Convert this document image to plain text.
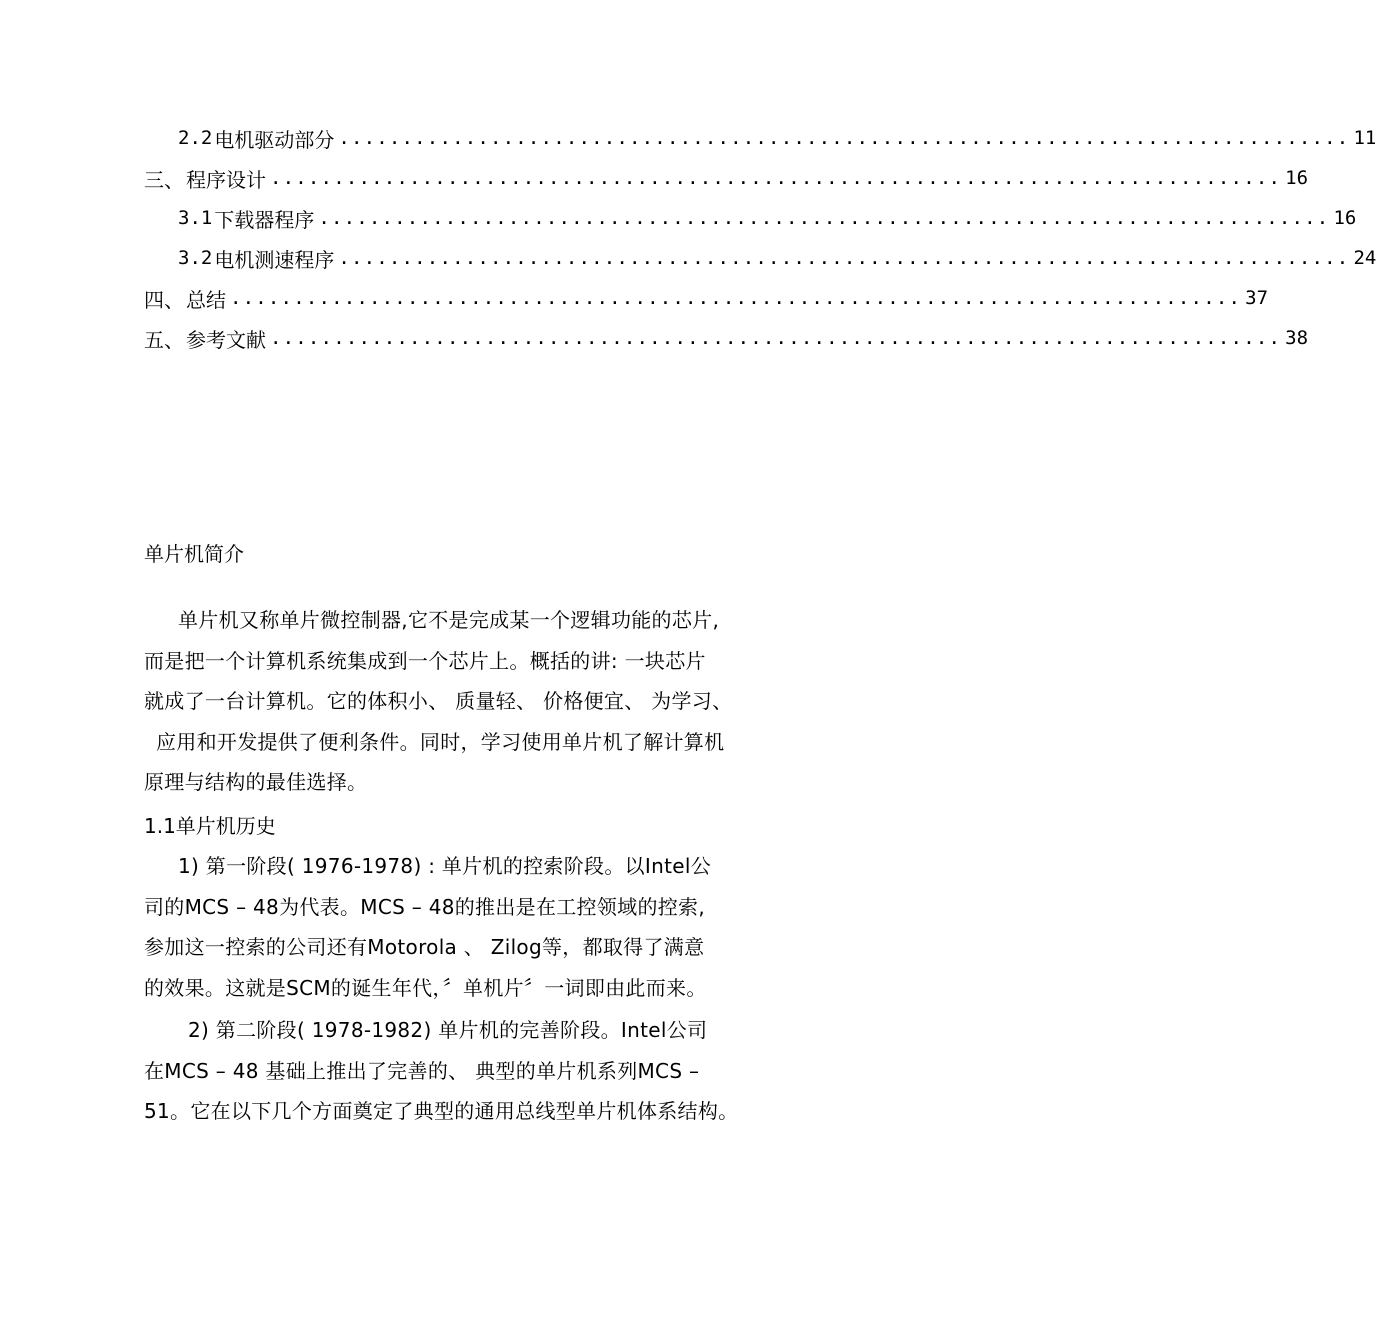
2.2 电机驱动部分 ................................................................................ 11
三、 程序设计 ................................................................................ 16
3.1 下载器程序 ................................................................................ 16
3.2 电机测速程序 ................................................................................ 24
四、 总结 ................................................................................ 37
五、 参考文献 ................................................................................ 38
单片机简介
单片机又称单片微控制器,它不是完成某一个逻辑功能的芯片,
而是把一个计算机系统集成到一个芯片上。概括的讲: 一块芯片
就成了一台计算机。它的体积小、 质量轻、 价格便宜、 为学习、
应用和开发提供了便利条件。同时，学习使用单片机了解计算机
原理与结构的最佳选择。
1.1单片机历史
1) 第一阶段( 1976-1978) : 单片机的控索阶段。以Intel公
司的MCS – 48为代表。MCS – 48的推出是在工控领域的控索,
参加这一控索的公司还有Motorola 、 Zilog等，都取得了满意
的效果。这就是SCM的诞生年代，〞单机片〞一词即由此而来。
2) 第二阶段( 1978-1982) 单片机的完善阶段。Intel公司
在MCS – 48 基础上推出了完善的、 典型的单片机系列MCS –
51。它在以下几个方面奠定了典型的通用总线型单片机体系结构。
